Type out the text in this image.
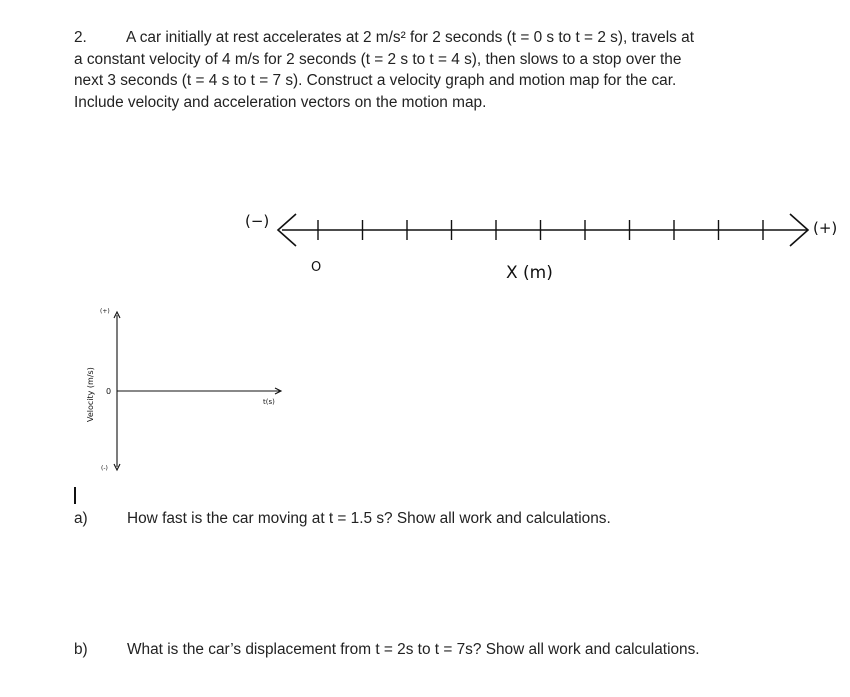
2.	A car initially at rest accelerates at 2 m/s² for 2 seconds (t = 0 s to t = 2 s), travels at
a constant velocity of 4 m/s for 2 seconds (t = 2 s to t = 4 s), then slows to a stop over the
next 3 seconds (t = 4 s to t = 7 s). Construct a velocity graph and motion map for the car.
Include velocity and acceleration vectors on the motion map.
(−)	(+)
O	X (m)
(+)
0
(-)
t(s)
Velocity (m/s)
a)	How fast is the car moving at t = 1.5 s? Show all work and calculations.
b)	What is the car’s displacement from t = 2s to t = 7s? Show all work and calculations.
